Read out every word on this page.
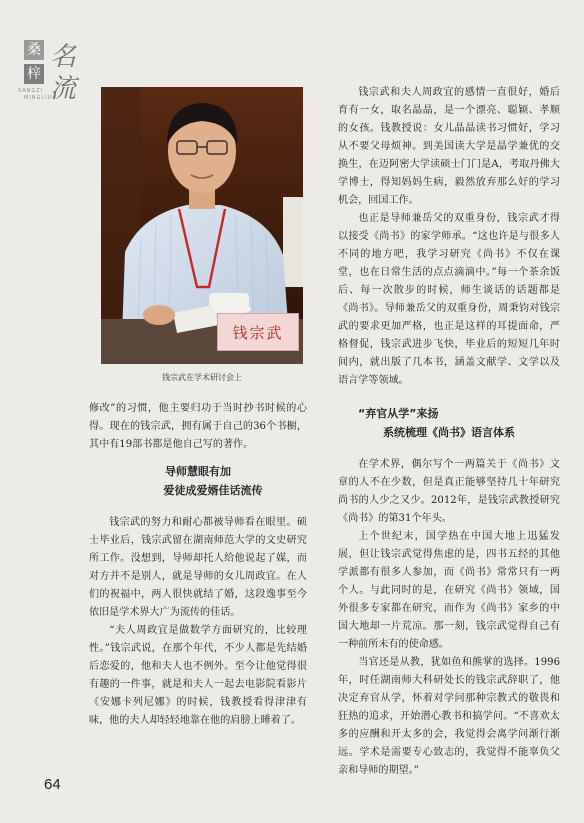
桑
梓
名
流
SANGZI
MINGLIU
钱宗武
钱宗武在学术研讨会上

修改”的习惯，他主要归功于当时抄书时候的心得。现在的钱宗武，拥有属于自己的36个书橱，其中有19部书都是他自己写的著作。

导师慧眼有加
爱徒成爱婿佳话流传

钱宗武的努力和耐心都被导师看在眼里。硕士毕业后，钱宗武留在湖南师范大学的文史研究所工作。没想到，导师却托人给他说起了媒，而对方并不是别人，就是导师的女儿周政宜。在人们的祝福中，两人很快就结了婚，这段逸事至今依旧是学术界大广为流传的佳话。

“夫人周政宜是做数学方面研究的，比较理性。”钱宗武说，在那个年代，不少人都是先结婚后恋爱的，他和夫人也不例外。至今让他觉得很有趣的一件事，就是和夫人一起去电影院看影片《安娜卡列尼娜》的时候，钱教授看得津津有味，他的夫人却轻轻地靠在他的肩膀上睡着了。

钱宗武和夫人周政宜的感情一直很好，婚后育有一女，取名晶晶，是一个漂亮、聪颖、孝顺的女孩。钱教授说：女儿晶晶读书习惯好，学习从不要父母烦神。到美国读大学是晶学兼优的交换生，在迈阿密大学读硕士门门是A，考取丹佛大学博士，得知妈妈生病，毅然放弃那么好的学习机会，回国工作。

也正是导师兼岳父的双重身份，钱宗武才得以接受《尚书》的家学师承。“这也许是与很多人不同的地方吧，我学习研究《尚书》不仅在课堂，也在日常生活的点点滴滴中。”每一个茶余饭后、每一次散步的时候，师生谈话的话题都是《尚书》。导师兼岳父的双重身份，周秉钧对钱宗武的要求更加严格，也正是这样的耳提面命，严格督促，钱宗武进步飞快，毕业后的短短几年时间内，就出版了几本书，涵盖文献学、文学以及语言学等领域。

“弃官从学”来扬
系统梳理《尚书》语言体系

在学术界，偶尔写个一两篇关于《尚书》文章的人不在少数，但是真正能够坚持几十年研究尚书的人少之又少。2012年，是钱宗武教授研究《尚书》的第31个年头。

上个世纪末，国学热在中国大地上迅猛发展，但让钱宗武觉得焦虑的是，四书五经的其他学派都有很多人参加，而《尚书》常常只有一两个人。与此同时的是，在研究《尚书》领域，国外很多专家都在研究，而作为《尚书》家乡的中国大地却一片荒凉。那一刻，钱宗武觉得自己有一种前所未有的使命感。

当官还是从教，犹如鱼和熊掌的选择。1996年，时任湖南师大科研处长的钱宗武辞职了，他决定弃官从学，怀着对学问那种宗教式的敬畏和狂热的追求，开始潜心教书和搞学问。“不喜欢太多的应酬和开太多的会，我觉得会离学问渐行渐远。学术是需要专心致志的，我觉得不能辜负父亲和导师的期望。”

64
